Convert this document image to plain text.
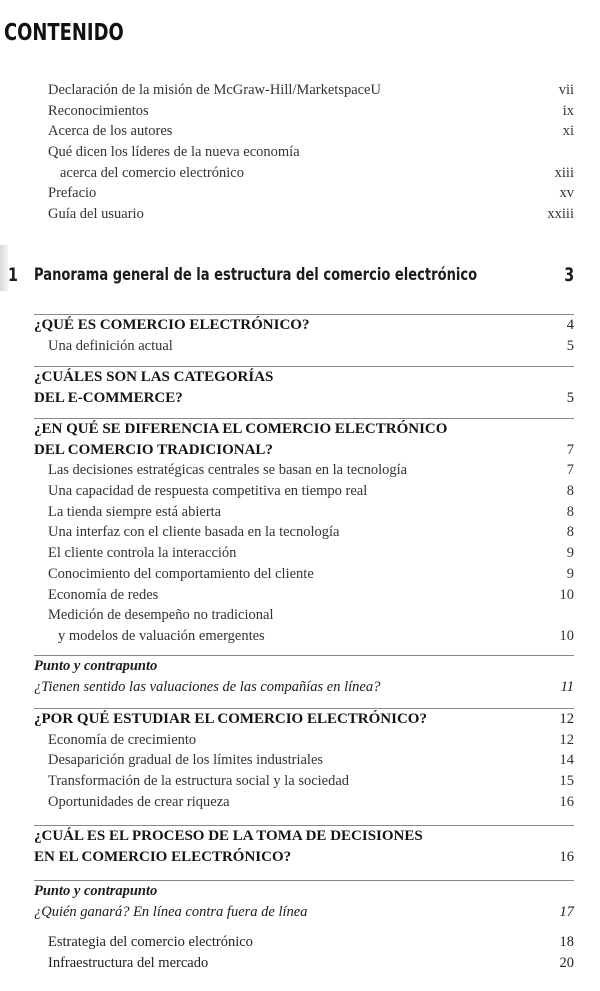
CONTENIDO
Declaración de la misión de McGraw-Hill/MarketspaceU	vii
Reconocimientos	ix
Acerca de los autores	xi
Qué dicen los líderes de la nueva economía
acerca del comercio electrónico	xiii
Prefacio	xv
Guía del usuario	xxiii
1 Panorama general de la estructura del comercio electrónico	3
¿QUÉ ES COMERCIO ELECTRÓNICO?	4
Una definición actual	5
¿CUÁLES SON LAS CATEGORÍAS
DEL E-COMMERCE?	5
¿EN QUÉ SE DIFERENCIA EL COMERCIO ELECTRÓNICO
DEL COMERCIO TRADICIONAL?	7
Las decisiones estratégicas centrales se basan en la tecnología	7
Una capacidad de respuesta competitiva en tiempo real	8
La tienda siempre está abierta	8
Una interfaz con el cliente basada en la tecnología	8
El cliente controla la interacción	9
Conocimiento del comportamiento del cliente	9
Economía de redes	10
Medición de desempeño no tradicional
y modelos de valuación emergentes	10
Punto y contrapunto
¿Tienen sentido las valuaciones de las compañías en línea?	11
¿POR QUÉ ESTUDIAR EL COMERCIO ELECTRÓNICO?	12
Economía de crecimiento	12
Desaparición gradual de los límites industriales	14
Transformación de la estructura social y la sociedad	15
Oportunidades de crear riqueza	16
¿CUÁL ES EL PROCESO DE LA TOMA DE DECISIONES
EN EL COMERCIO ELECTRÓNICO?	16
Punto y contrapunto
¿Quién ganará? En línea contra fuera de línea	17
Estrategia del comercio electrónico	18
Infraestructura del mercado	20
